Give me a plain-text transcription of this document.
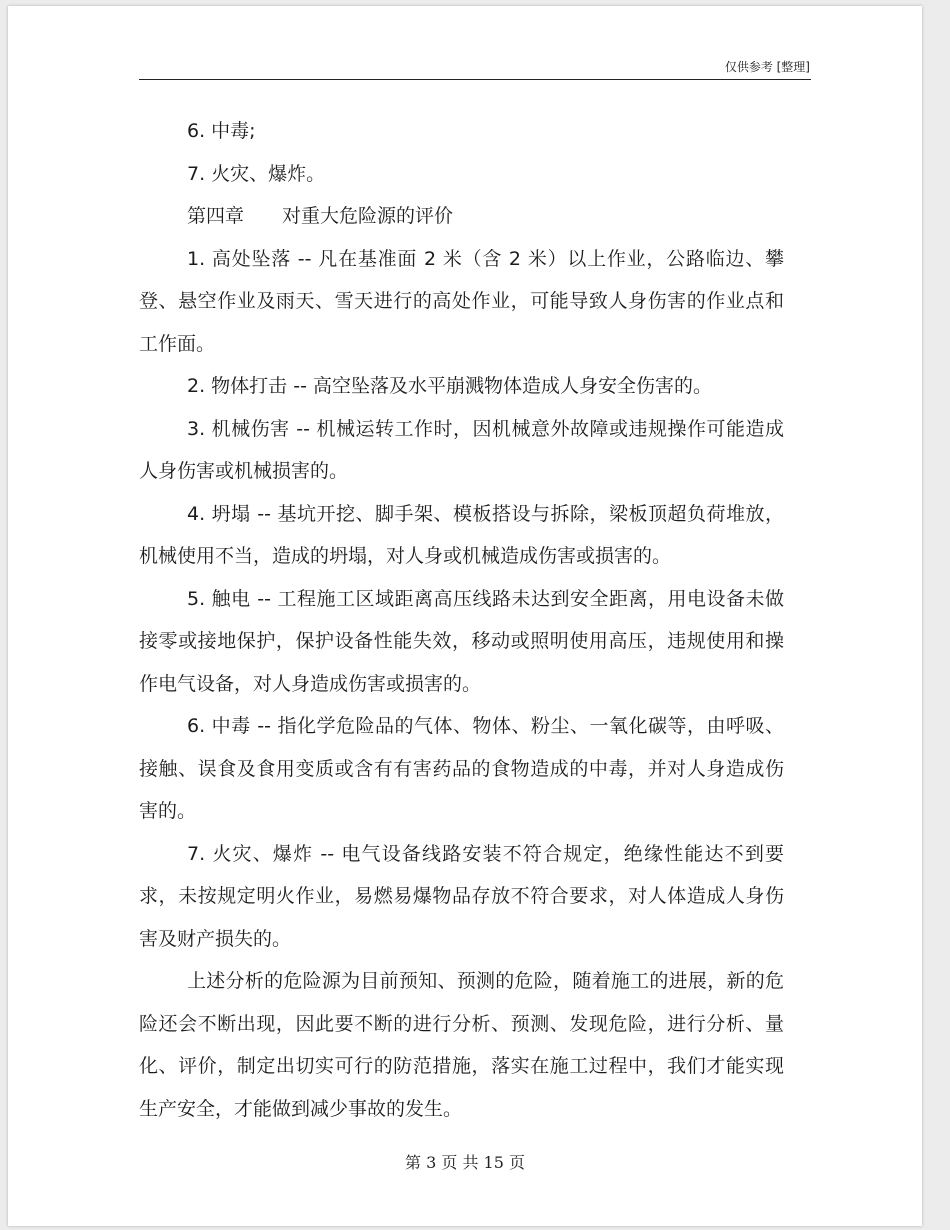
仅供参考 [整理]

6. 中毒;

7. 火灾、爆炸。

第四章　　对重大危险源的评价

1. 高处坠落 -- 凡在基准面 2 米（含 2 米）以上作业，公路临边、攀登、悬空作业及雨天、雪天进行的高处作业，可能导致人身伤害的作业点和工作面。

2. 物体打击 -- 高空坠落及水平崩溅物体造成人身安全伤害的。

3. 机械伤害 -- 机械运转工作时，因机械意外故障或违规操作可能造成人身伤害或机械损害的。

4. 坍塌 -- 基坑开挖、脚手架、模板搭设与拆除，梁板顶超负荷堆放，机械使用不当，造成的坍塌，对人身或机械造成伤害或损害的。

5. 触电 -- 工程施工区域距离高压线路未达到安全距离，用电设备未做接零或接地保护，保护设备性能失效，移动或照明使用高压，违规使用和操作电气设备，对人身造成伤害或损害的。

6. 中毒 -- 指化学危险品的气体、物体、粉尘、一氧化碳等，由呼吸、接触、误食及食用变质或含有有害药品的食物造成的中毒，并对人身造成伤害的。

7. 火灾、爆炸 -- 电气设备线路安装不符合规定，绝缘性能达不到要求，未按规定明火作业，易燃易爆物品存放不符合要求，对人体造成人身伤害及财产损失的。

上述分析的危险源为目前预知、预测的危险，随着施工的进展，新的危险还会不断出现，因此要不断的进行分析、预测、发现危险，进行分析、量化、评价，制定出切实可行的防范措施，落实在施工过程中，我们才能实现生产安全，才能做到减少事故的发生。

第 3 页 共 15 页
